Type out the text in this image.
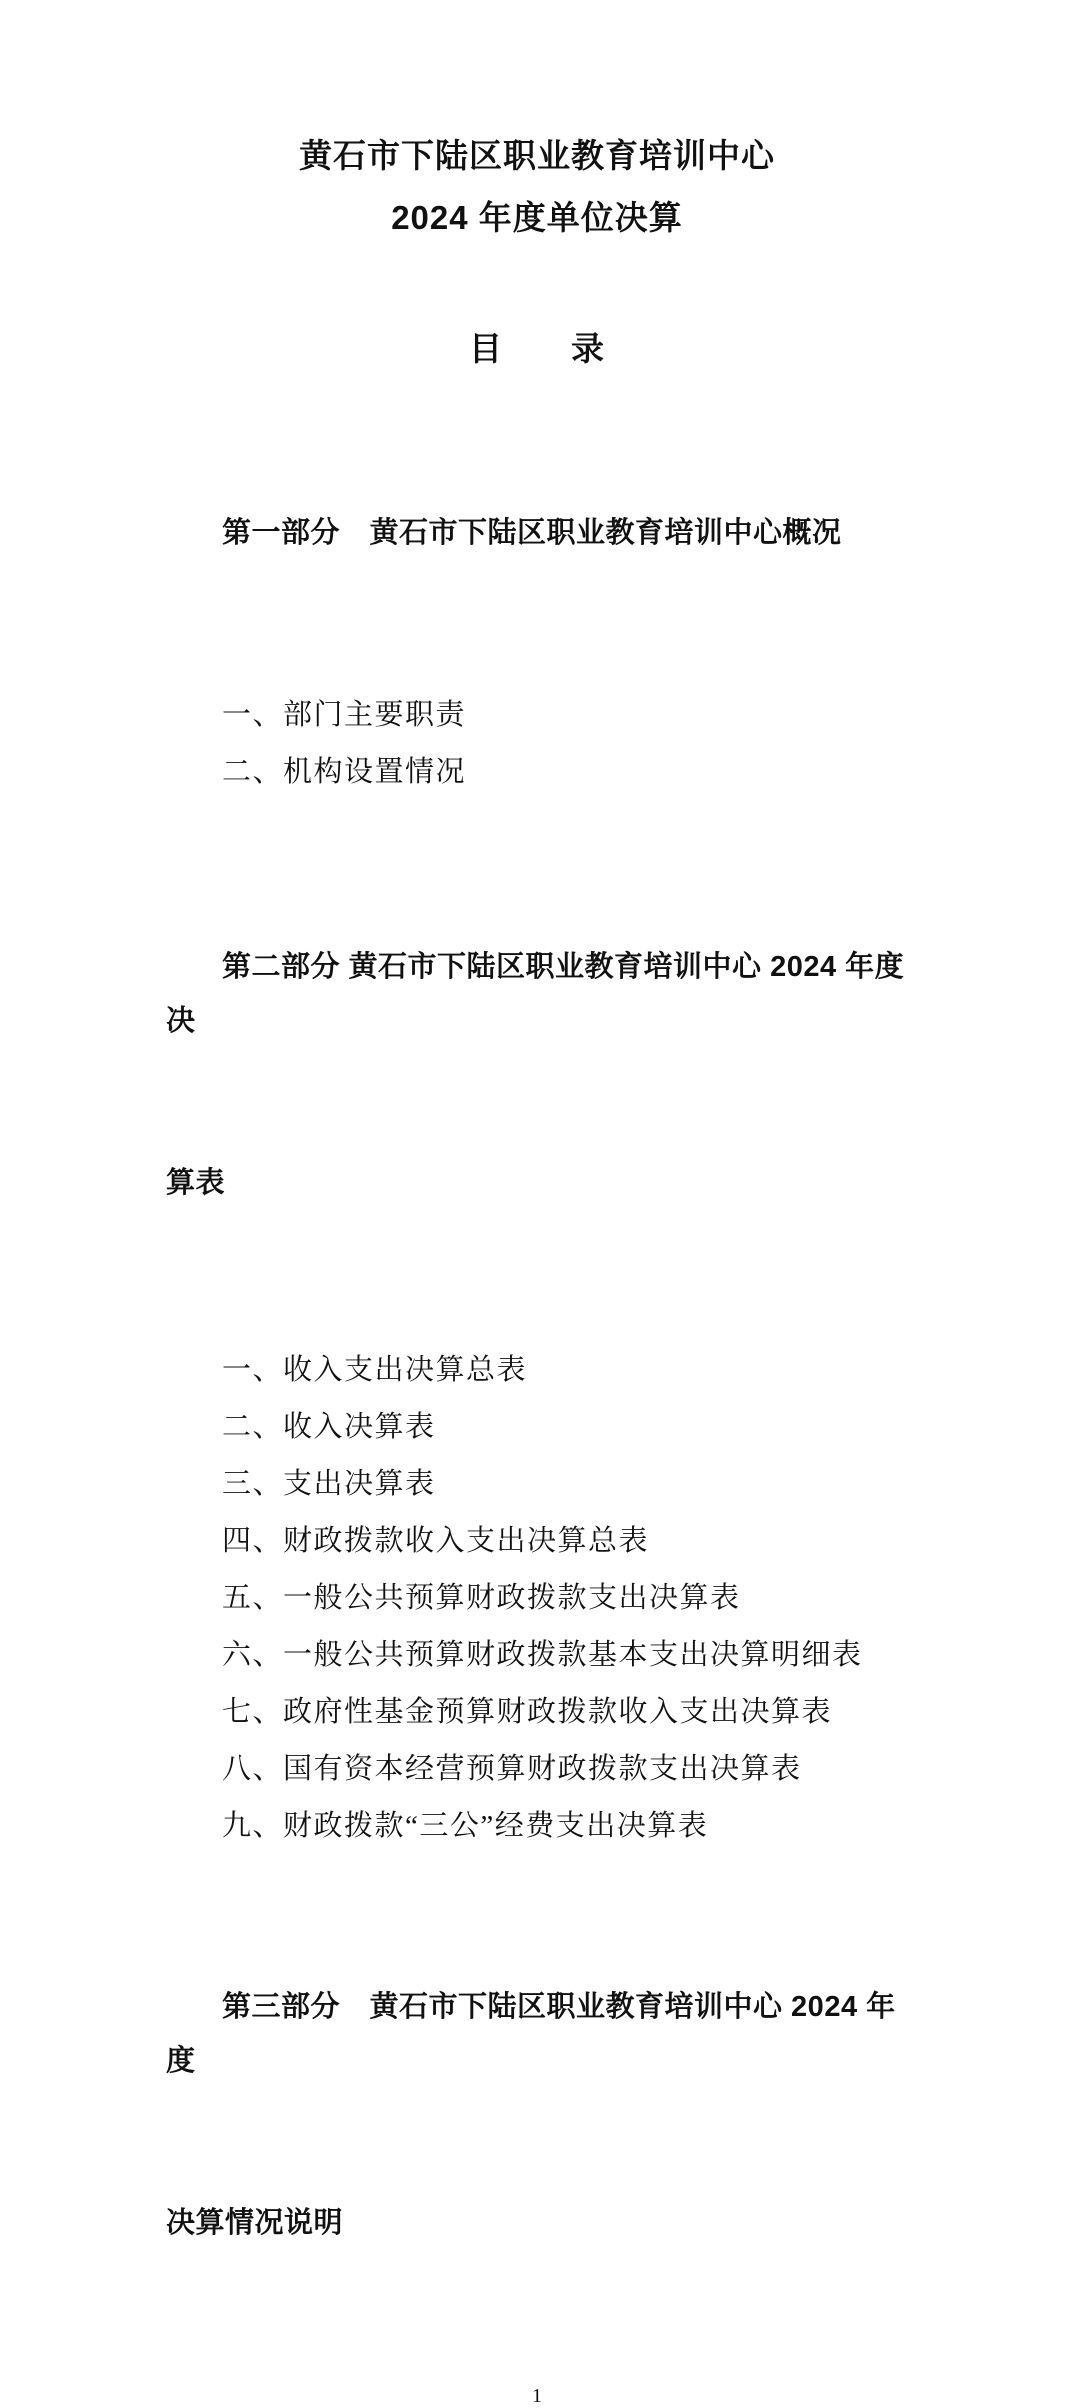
黄石市下陆区职业教育培训中心
2024 年度单位决算
目　　录

第一部分　黄石市下陆区职业教育培训中心概况

一、部门主要职责
二、机构设置情况

第二部分 黄石市下陆区职业教育培训中心 2024 年度决

算表

一、收入支出决算总表
二、收入决算表
三、支出决算表
四、财政拨款收入支出决算总表
五、一般公共预算财政拨款支出决算表
六、一般公共预算财政拨款基本支出决算明细表
七、政府性基金预算财政拨款收入支出决算表
八、国有资本经营预算财政拨款支出决算表
九、财政拨款“三公”经费支出决算表

第三部分　黄石市下陆区职业教育培训中心 2024 年度

决算情况说明

1
